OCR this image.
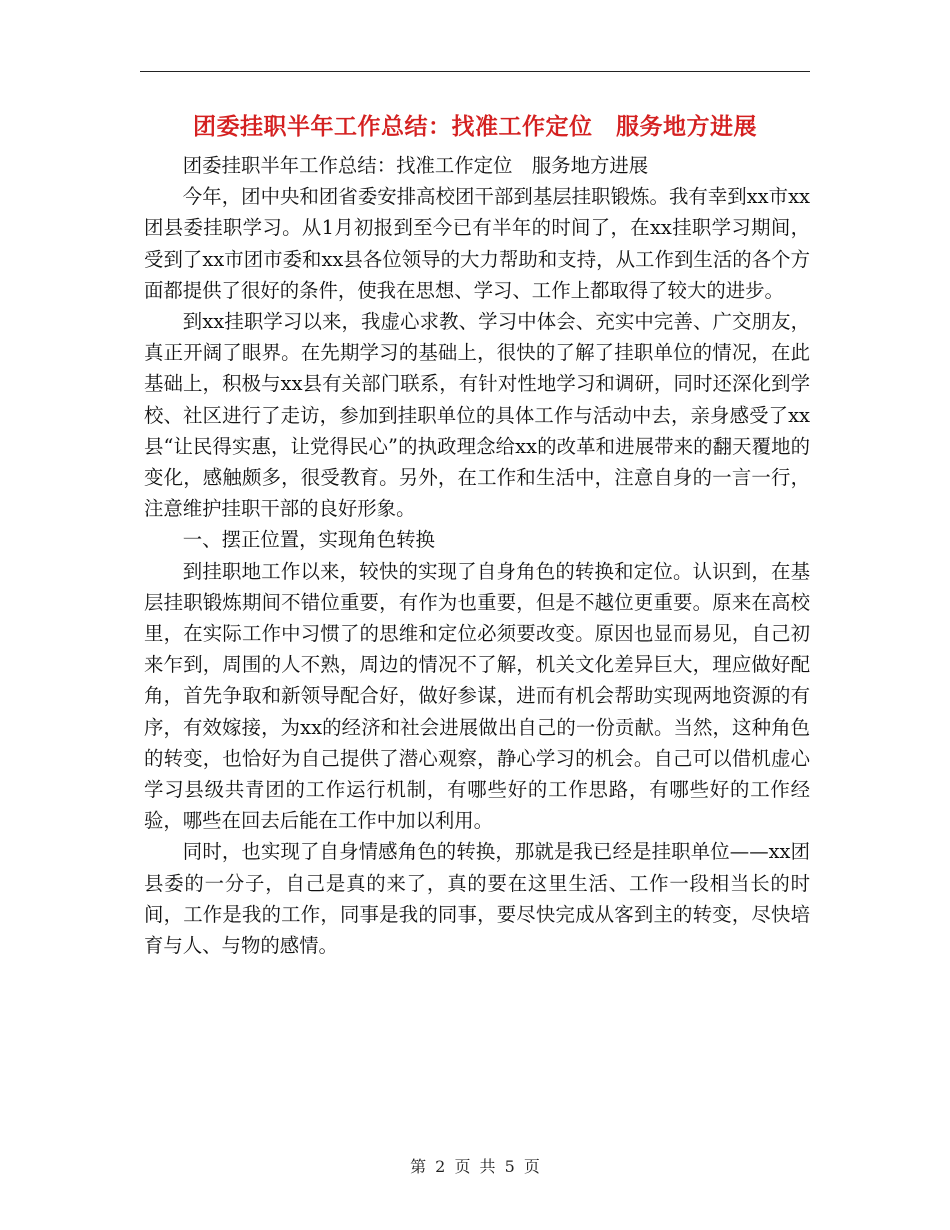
团委挂职半年工作总结：找准工作定位　服务地方进展

团委挂职半年工作总结：找准工作定位　服务地方进展

今年，团中央和团省委安排高校团干部到基层挂职锻炼。我有幸到xx市xx团县委挂职学习。从1月初报到至今已有半年的时间了，在xx挂职学习期间，受到了xx市团市委和xx县各位领导的大力帮助和支持，从工作到生活的各个方面都提供了很好的条件，使我在思想、学习、工作上都取得了较大的进步。

到xx挂职学习以来，我虚心求教、学习中体会、充实中完善、广交朋友，真正开阔了眼界。在先期学习的基础上，很快的了解了挂职单位的情况，在此基础上，积极与xx县有关部门联系，有针对性地学习和调研，同时还深化到学校、社区进行了走访，参加到挂职单位的具体工作与活动中去，亲身感受了xx县“让民得实惠，让党得民心”的执政理念给xx的改革和进展带来的翻天覆地的变化，感触颇多，很受教育。另外，在工作和生活中，注意自身的一言一行，注意维护挂职干部的良好形象。

一、摆正位置，实现角色转换

到挂职地工作以来，较快的实现了自身角色的转换和定位。认识到，在基层挂职锻炼期间不错位重要，有作为也重要，但是不越位更重要。原来在高校里，在实际工作中习惯了的思维和定位必须要改变。原因也显而易见，自己初来乍到，周围的人不熟，周边的情况不了解，机关文化差异巨大，理应做好配角，首先争取和新领导配合好，做好参谋，进而有机会帮助实现两地资源的有序，有效嫁接，为xx的经济和社会进展做出自己的一份贡献。当然，这种角色的转变，也恰好为自己提供了潜心观察，静心学习的机会。自己可以借机虚心学习县级共青团的工作运行机制，有哪些好的工作思路，有哪些好的工作经验，哪些在回去后能在工作中加以利用。

同时，也实现了自身情感角色的转换，那就是我已经是挂职单位——xx团县委的一分子，自己是真的来了，真的要在这里生活、工作一段相当长的时间，工作是我的工作，同事是我的同事，要尽快完成从客到主的转变，尽快培育与人、与物的感情。

第 2 页 共 5 页
